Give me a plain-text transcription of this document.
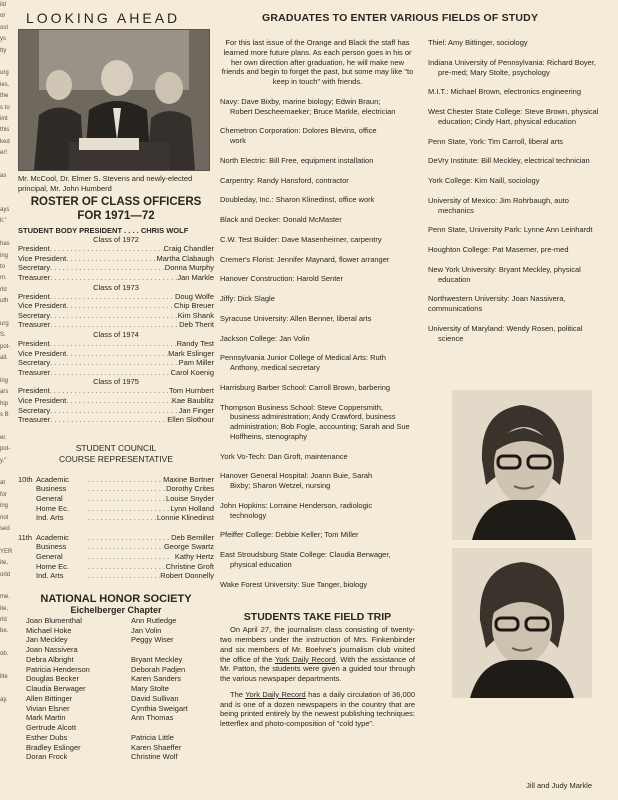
ild
or
ost
ys
tty

urg
ies.
the
s to
iint
this
ked
er!

as

ays
ll."

has
ing
to
m.
rld
uth

urg
S.
pot-
all.

ing
ars
hip
s B

er.
pot-
y."

at
for
ing
not
sed

YER
ite,
orld

me.
ite,
rld
be.

ob.

lite

ay.
LOOKING AHEAD

Mr. McCool, Dr. Elmer S. Stevens and newly-elected principal, Mr. John Humberd

ROSTER OF CLASS OFFICERS
FOR 1971—72
STUDENT BODY PRESIDENT . . . . CHRIS WOLF
Class of 1972
President . . .	Craig Chandler
Vice President . . .	Martha Clabaugh
Secretary . . .	Donna Murphy
Treasurer . . .	Jan Markle
Class of 1973
President . . .	Doug Wolfe
Vice President . . .	Chip Breuer
Secretary . . .	Kim Shank
Treasurer . . .	Deb Therit
Class of 1974
President . . .	Randy Test
Vice President . . .	Mark Eslinger
Secretary . . .	Pam Miller
Treasurer . . .	Carol Koenig
Class of 1975
President . . .	Tom Humbert
Vice President . . .	Kae Baublitz
Secretary . . .	Jan Finger
Treasurer . . .	Ellen Slothour
STUDENT COUNCIL
COURSE REPRESENTATIVE
10th Academic . . .	Maxine Bortner

Business . . .	Dorothy Crites

General . . .	Louise Snyder

Home Ec. . . .	Lynn Holland

Ind. Arts . . .	Lonnie Klinedinst
11th Academic . . .	Deb Bemiller

Business . . .	George Swartz

General . . .	Kathy Hertz

Home Ec. . . .	Christine Groft

Ind. Arts . . .	Robert Donnelly
NATIONAL HONOR SOCIETY
Eichelberger Chapter
Joan Blumenthal
Michael Hoke
Jan Meckley
Joan Nassivera
Debra Albright
Patricia Henderson
Douglas Becker
Claudia Berwager
Allen Bittinger
Vivian Elsner
Mark Martin
Gertrude Alcott
Esther Dubs
Bradley Eslinger
Doran Frock
Ann Rutledge
Jan Volin
Peggy Wiser

Bryant Meckley
Deborah Padjen
Karen Sanders
Mary Stolte
David Sullivan
Cynthia Sweigart
Ann Thomas

Patricia Little
Karen Shaeffer
Christine Wolf
GRADUATES TO ENTER VARIOUS FIELDS OF STUDY

For this last issue of the Orange and Black the staff has learned more future plans. As each person goes in his or her own direction after graduation, he will make new friends and begin to forget the past, but some may like "to keep in touch" with friends.

Navy: Dave Bixby, marine biology; Edwin Braun;
Robert Descheemaeker; Bruce Markle, electrician
Chemetron Corporation: Dolores Blevins, office
work
North Electric: Bill Free, equipment installation
Carpentry: Randy Hansford, contractor
Doubleday, Inc.: Sharon Klinedinst, office work
Black and Decker: Donald McMaster
C.W. Test Builder: Dave Masenheimer, carpentry
Cremer's Florist: Jennifer Maynard, flower arranger
Hanover Construction: Harold Senter
Jiffy: Dick Slagle
Syracuse University: Allen Benner, liberal arts
Jackson College: Jan Volin
Pennsylvania Junior College of Medical Arts: Ruth
Anthony, medical secretary
Harrisburg Barber School: Carroll Brown, barbering
Thompson Business School: Steve Coppersmith,
business administration; Andy Crawford, business administration; Bob Fogle, accounting; Sarah and Sue Hoffheins, stenography
York Vo-Tech: Dan Groft, maintenance
Hanover General Hospital: Joann Buie, Sarah
Bixby; Sharon Wetzel, nursing
John Hopkins: Lorraine Henderson, radiologic
technology
Pfeiffer College: Debbie Keller; Tom Miller
East Stroudsburg State College: Claudia Berwager,
physical education
Wake Forest University: Sue Tanger, biology
STUDENTS TAKE FIELD TRIP

On April 27, the journalism class consisting of twenty-two members under the instruction of Mrs. Finkenbinder and six members of Mr. Boehne's journalism club visited the office of the York Daily Record. With the assistance of Mr. Patton, the students were given a guided tour through the various newspaper departments.

The York Daily Record has a daily circulation of 36,000 and is one of a dozen newspapers in the country that are being printed entirely by the newest publishing techniques: letterflex and photo-composition of "cold type".

Thiel: Amy Bittinger, sociology
Indiana University of Pennsylvania: Richard Boyer,
pre-med; Mary Stolte, psychology
M.I.T.: Michael Brown, electronics engineering
West Chester State College: Steve Brown, physical
education; Cindy Hart, physical education
Penn State, York: Tim Carroll, liberal arts
DeVry Institute: Bill Meckley, electrical technician
York College: Kim Naill, sociology
University of Mexico: Jim Rohrbaugh, auto
mechanics
Penn State, University Park: Lynne Ann Leinhardt
Houghton College: Pat Masemer, pre-med
New York University: Bryant Meckley, physical
education
Northwestern University: Joan Nassivera, communications
University of Maryland: Wendy Rosen, political
science
Jill and Judy Markle
